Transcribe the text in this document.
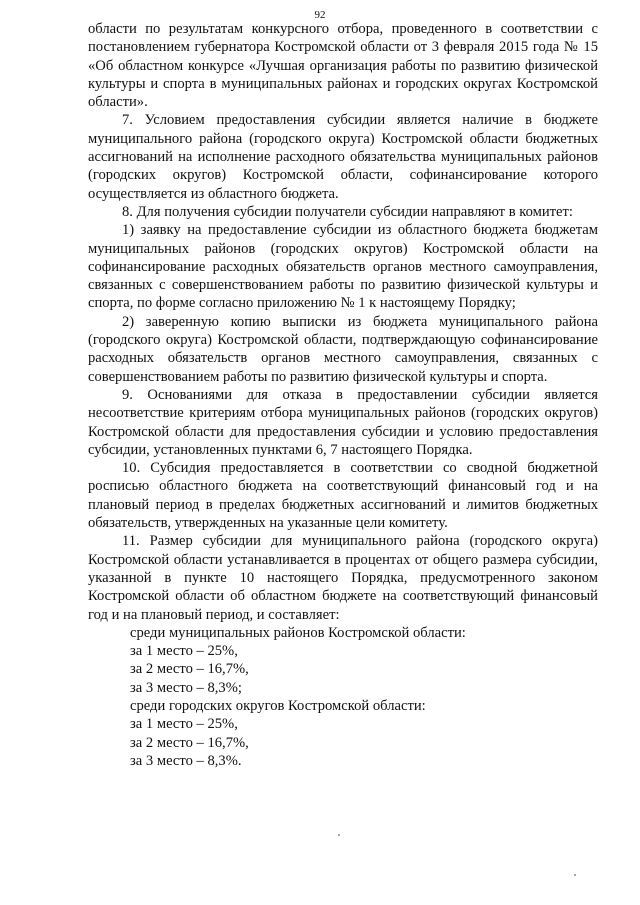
92

области по результатам конкурсного отбора, проведенного в соответствии с постановлением губернатора Костромской области от 3 февраля 2015 года № 15 «Об областном конкурсе «Лучшая организация работы по развитию физической культуры и спорта в муниципальных районах и городских округах Костромской области».

7. Условием предоставления субсидии является наличие в бюджете муниципального района (городского округа) Костромской области бюджетных ассигнований на исполнение расходного обязательства муниципальных районов (городских округов) Костромской области, софинансирование которого осуществляется из областного бюджета.

8. Для получения субсидии получатели субсидии направляют в комитет:

1) заявку на предоставление субсидии из областного бюджета бюджетам муниципальных районов (городских округов) Костромской области на софинансирование расходных обязательств органов местного самоуправления, связанных с совершенствованием работы по развитию физической культуры и спорта, по форме согласно приложению № 1 к настоящему Порядку;

2) заверенную копию выписки из бюджета муниципального района (городского округа) Костромской области, подтверждающую софинансирование расходных обязательств органов местного самоуправления, связанных с совершенствованием работы по развитию физической культуры и спорта.

9. Основаниями для отказа в предоставлении субсидии является несоответствие критериям отбора муниципальных районов (городских округов) Костромской области для предоставления субсидии и условию предоставления субсидии, установленных пунктами 6, 7 настоящего Порядка.

10. Субсидия предоставляется в соответствии со сводной бюджетной росписью областного бюджета на соответствующий финансовый год и на плановый период в пределах бюджетных ассигнований и лимитов бюджетных обязательств, утвержденных на указанные цели комитету.

11. Размер субсидии для муниципального района (городского округа) Костромской области устанавливается в процентах от общего размера субсидии, указанной в пункте 10 настоящего Порядка, предусмотренного законом Костромской области об областном бюджете на соответствующий финансовый год и на плановый период, и составляет:

среди муниципальных районов Костромской области:

за 1 место – 25%,

за 2 место – 16,7%,

за 3 место – 8,3%;

среди городских округов Костромской области:

за 1 место – 25%,

за 2 место – 16,7%,

за 3 место – 8,3%.
